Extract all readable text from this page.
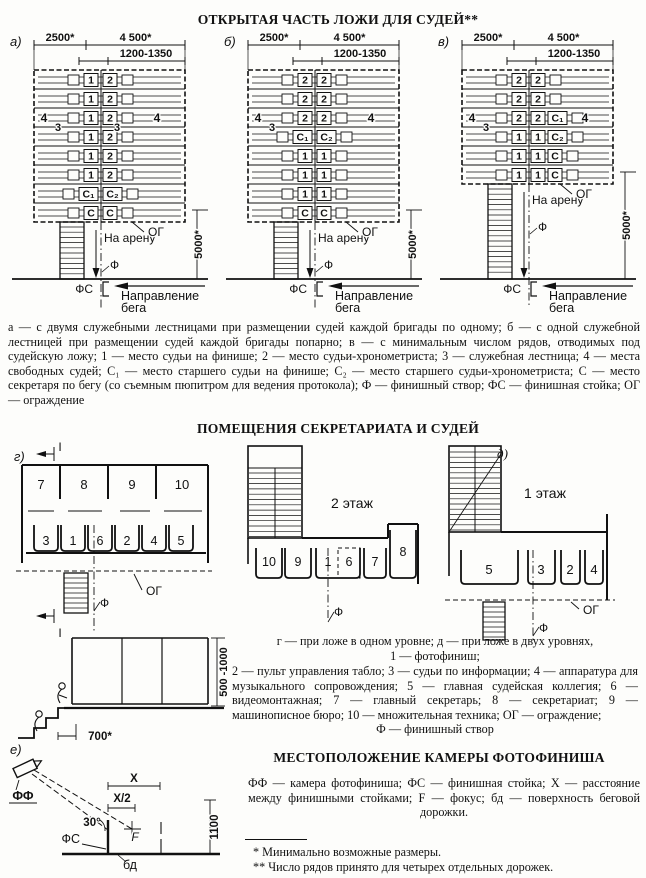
ОТКРЫТАЯ ЧАСТЬ ЛОЖИ ДЛЯ СУДЕЙ**
а) 2500*	4 500*
1200-1350
1 2
1 2
1 2
4	4
1 2
1 2
1 2
С₁ С₂
С С
3	3
На арену
Ф
ОГ
ФС Направление
бега
5000*
б) 2500*	4 500*
1200-1350
2 2
2 2
2 2
4	4
С₁ С₂
1 1
1 1
1 1
С С
3
На арену
Ф
ОГ
ФС Направление
бега
5000*
в) 2500*	4 500*
1200-1350
2 2
2 2
2 2 С₁
4	4
1 1 С₂
1 1 С
1 1 С
3
На арену
Ф
ОГ
ФС Направление
бега
5000*
а — с двумя служебными лестницами при размещении судей каждой бригады по одному; б — с одной служебной лестницей при размещении судей каждой бригады попарно; в — с минимальным числом рядов, отводимых под судейскую ложу; 1 — место судьи на финише; 2 — место судьи-хронометриста; 3 — служебная лестница; 4 — места свободных судей; С₁ — место старшего судьи на финише; С₂ — место старшего судьи-хронометриста; С — место секретаря по бегу (со съемным пюпитром для ведения протокола); Ф — финишный створ; ФС — финишная стойка; ОГ — ограждение
ПОМЕЩЕНИЯ СЕКРЕТАРИАТА И СУДЕЙ
г)
I
7	8	9	10
3 1 6 2 4 5
ОГ
Ф
I
2 этаж
10 9 1 6 7
8
Ф
д)
1 этаж
5	3 2 4
ОГ
Ф
500 -1000
700*
г — при ложе в одном уровне; д — при ложе в двух уровнях,
1 — фотофиниш;
2 — пульт управления табло; 3 — судьи по информации; 4 — аппаратура для музыкального сопровождения; 5 — главная судейская коллегия; 6 — видеомонтажная; 7 — главный секретарь; 8 — секретариат; 9 — машинописное бюро; 10 — множительная техника; ОГ — ограждение;
Ф — финишный створ
МЕСТОПОЛОЖЕНИЕ КАМЕРЫ ФОТОФИНИША
ФФ — камера фотофиниша; ФС — финишная стойка; X — расстояние между финишными стойками; F — фокус; бд — поверхность беговой дорожки.
е)
ФФ
X
X/2
30°
F
ФС
бд
1100
* Минимально возможные размеры.
** Число рядов принято для четырех отдельных дорожек.
